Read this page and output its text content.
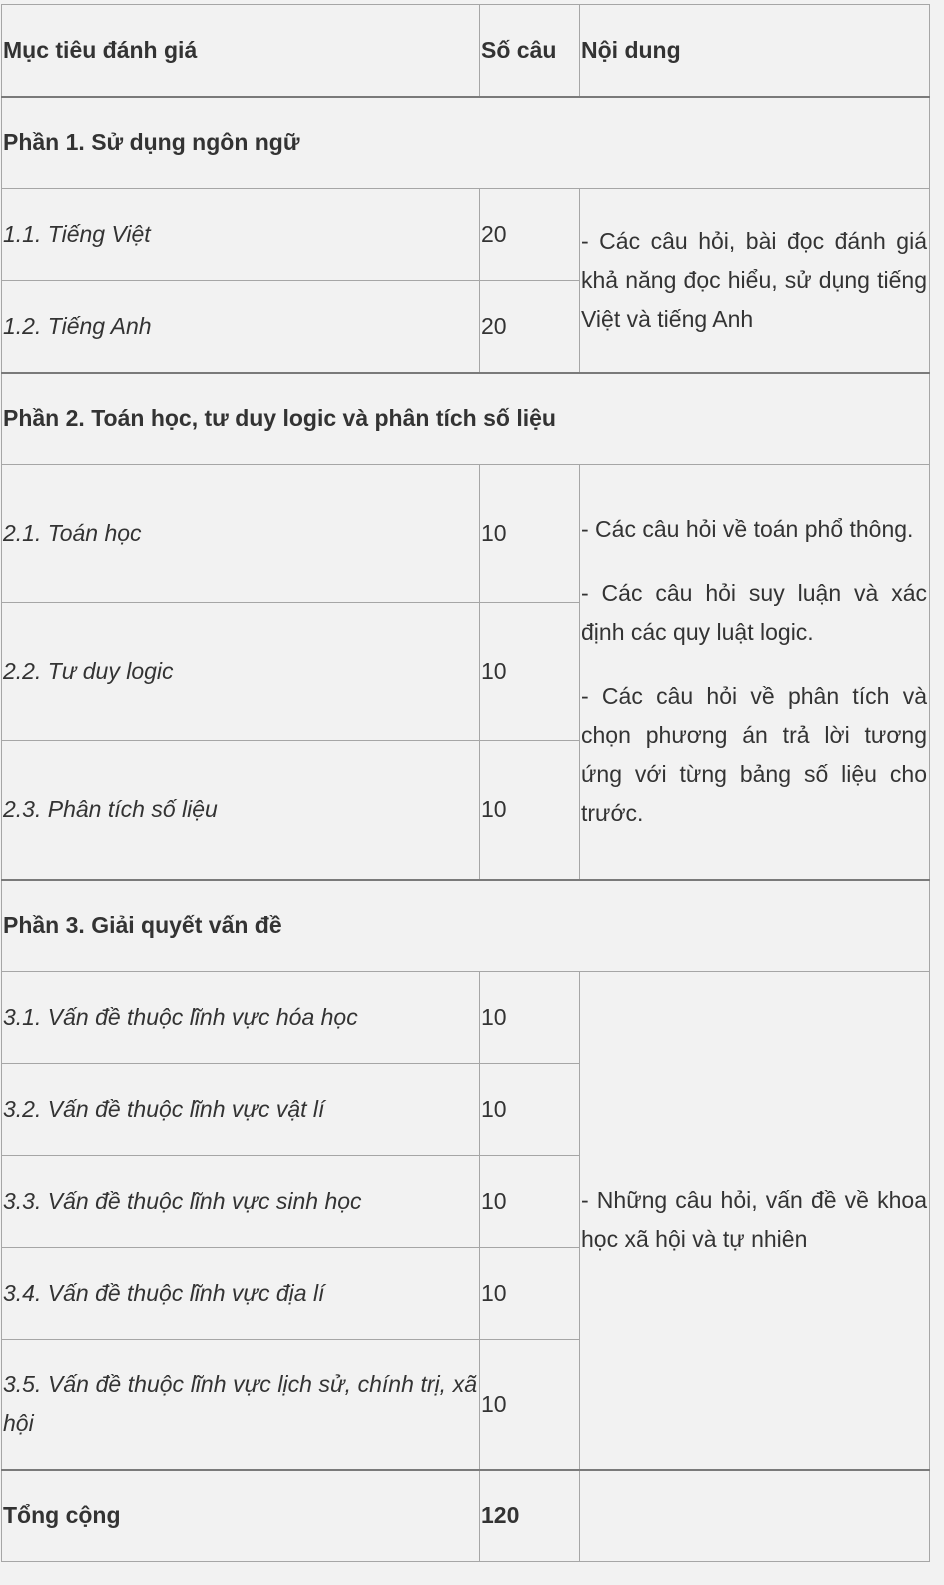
Mục tiêu đánh giá	Số câu	Nội dung
Phần 1. Sử dụng ngôn ngữ		
1.1. Tiếng Việt	20	- Các câu hỏi, bài đọc đánh giá khả năng đọc hiểu, sử dụng tiếng Việt và tiếng Anh
1.2. Tiếng Anh	20	
Phần 2. Toán học, tư duy logic và phân tích số liệu		
2.1. Toán học	10	- Các câu hỏi về toán phổ thông.
- Các câu hỏi suy luận và xác định các quy luật logic.
- Các câu hỏi về phân tích và chọn phương án trả lời tương ứng với từng bảng số liệu cho trước.

2.2. Tư duy logic	10	
2.3. Phân tích số liệu	10	
Phần 3. Giải quyết vấn đề		
3.1. Vấn đề thuộc lĩnh vực hóa học	10	- Những câu hỏi, vấn đề về khoa học xã hội và tự nhiên
3.2. Vấn đề thuộc lĩnh vực vật lí	10	
3.3. Vấn đề thuộc lĩnh vực sinh học	10	
3.4. Vấn đề thuộc lĩnh vực địa lí	10	
3.5. Vấn đề thuộc lĩnh vực lịch sử, chính trị, xã hội	10	
Tổng cộng	120	
